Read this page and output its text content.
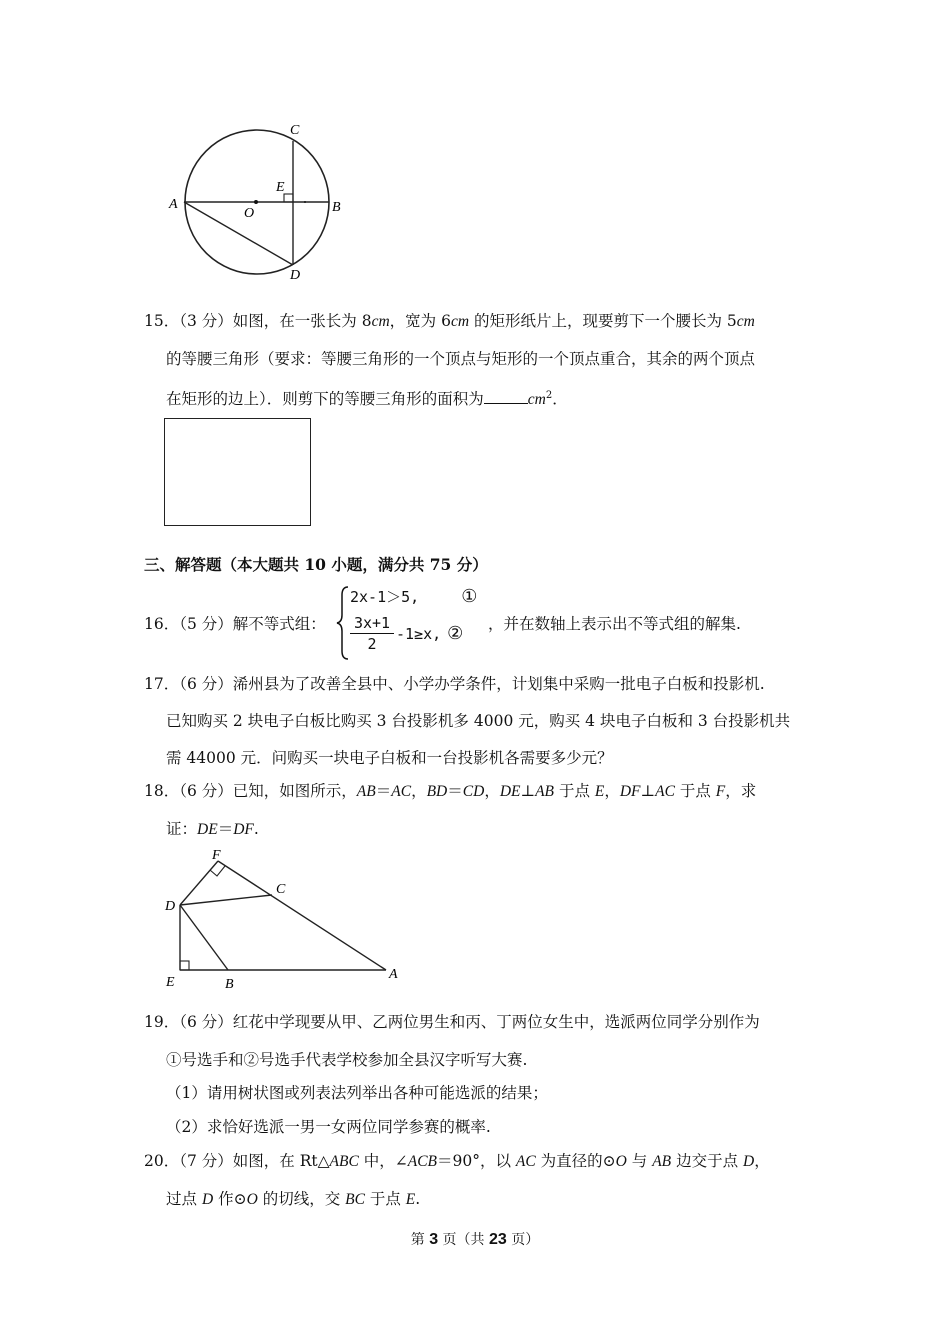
C
E
A
O	B
D
15．（3 分）如图，在一张长为 8cm，宽为 6cm 的矩形纸片上，现要剪下一个腰长为 5cm
的等腰三角形（要求：等腰三角形的一个顶点与矩形的一个顶点重合，其余的两个顶点
在矩形的边上）．则剪下的等腰三角形的面积为	$cm^2$．
三、解答题（本大题共 10 小题，满分共 75 分）
16．（5 分）解不等式组：
2x-1＞5, ①
$\frac{3x+1}{2} -1\ge x$, ② ，并在数轴上表示出不等式组的解集.
17．（6 分）浠州县为了改善全县中、小学办学条件，计划集中采购一批电子白板和投影机.
已知购买 2 块电子白板比购买 3 台投影机多 4000 元，购买 4 块电子白板和 3 台投影机共
需 44000 元．问购买一块电子白板和一台投影机各需要多少元？
18．（6 分）已知，如图所示，AB＝AC，BD＝CD，DE⊥AB 于点 E，DF⊥AC 于点 F，求
证：DE＝DF.
F
C
D
E	B
A
19．（6 分）红花中学现要从甲、乙两位男生和丙、丁两位女生中，选派两位同学分别作为
①号选手和②号选手代表学校参加全县汉字听写大赛.
（1）请用树状图或列表法列举出各种可能选派的结果；
（2）求恰好选派一男一女两位同学参赛的概率.
20．（7 分）如图，在 Rt△ABC 中，∠ACB＝90°，以 AC 为直径的⊙O 与 AB 边交于点 D，
过点 D 作⊙O 的切线，交 BC 于点 E.
第 3 页（共 23 页）
